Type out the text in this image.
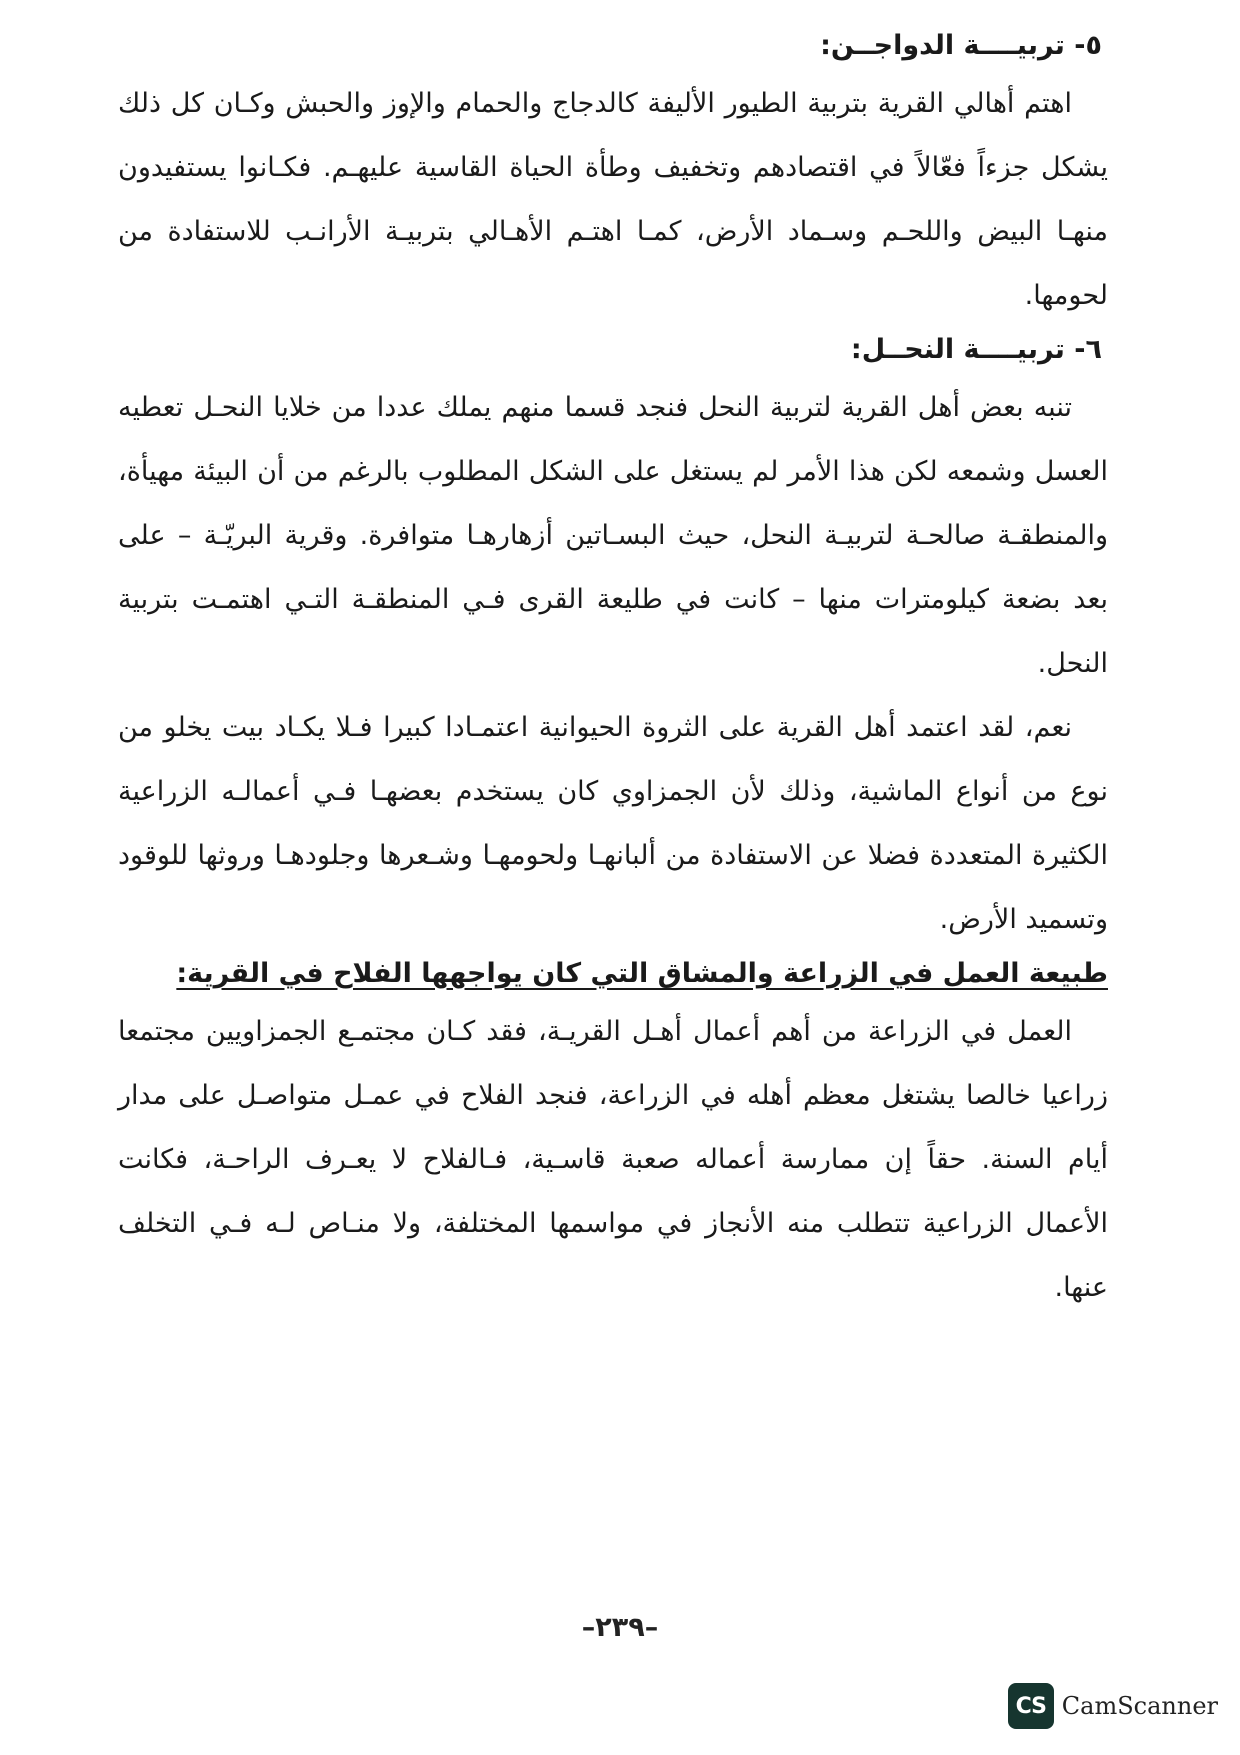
٥- تربيــــة الدواجــن:

اهتم أهالي القرية بتربية الطيور الأليفة كالدجاج والحمام والإوز والحبش وكـان كل ذلك يشكل جزءاً فعّالاً في اقتصادهم وتخفيف وطأة الحياة القاسية عليهـم. فكـانوا يستفيدون منهـا البيض واللحـم وسـماد الأرض، كمـا اهتـم الأهـالي بتربيـة الأرانـب للاستفادة من لحومها.

٦- تربيــــة النحــل:

تنبه بعض أهل القرية لتربية النحل فنجد قسما منهم يملك عددا من خلايا النحـل تعطيه العسل وشمعه لكن هذا الأمر لم يستغل على الشكل المطلوب بالرغم من أن البيئة مهيأة، والمنطقـة صالحـة لتربيـة النحل، حيث البسـاتين أزهارهـا متوافرة. وقرية البريّـة – على بعد بضعة كيلومترات منها – كانت في طليعة القرى فـي المنطقـة التـي اهتمـت بتربية النحل.

نعم، لقد اعتمد أهل القرية على الثروة الحيوانية اعتمـادا كبيرا فـلا يكـاد بيت يخلو من نوع من أنواع الماشية، وذلك لأن الجمزاوي كان يستخدم بعضهـا فـي أعمالـه الزراعية الكثيرة المتعددة فضلا عن الاستفادة من ألبانهـا ولحومهـا وشـعرها وجلودهـا وروثها للوقود وتسميد الأرض.

طبيعة العمل في الزراعة والمشاق التي كان يواجهها الفلاح في القرية:

العمل في الزراعة من أهم أعمال أهـل القريـة، فقد كـان مجتمـع الجمزاويين مجتمعا زراعيا خالصا يشتغل معظم أهله في الزراعة، فنجد الفلاح في عمـل متواصـل على مدار أيام السنة. حقاً إن ممارسة أعماله صعبة قاسـية، فـالفلاح لا يعـرف الراحـة، فكانت الأعمال الزراعية تتطلب منه الأنجاز في مواسمها المختلفة، ولا منـاص لـه فـي التخلف عنها.

–٢٣٩–
CS CamScanner
